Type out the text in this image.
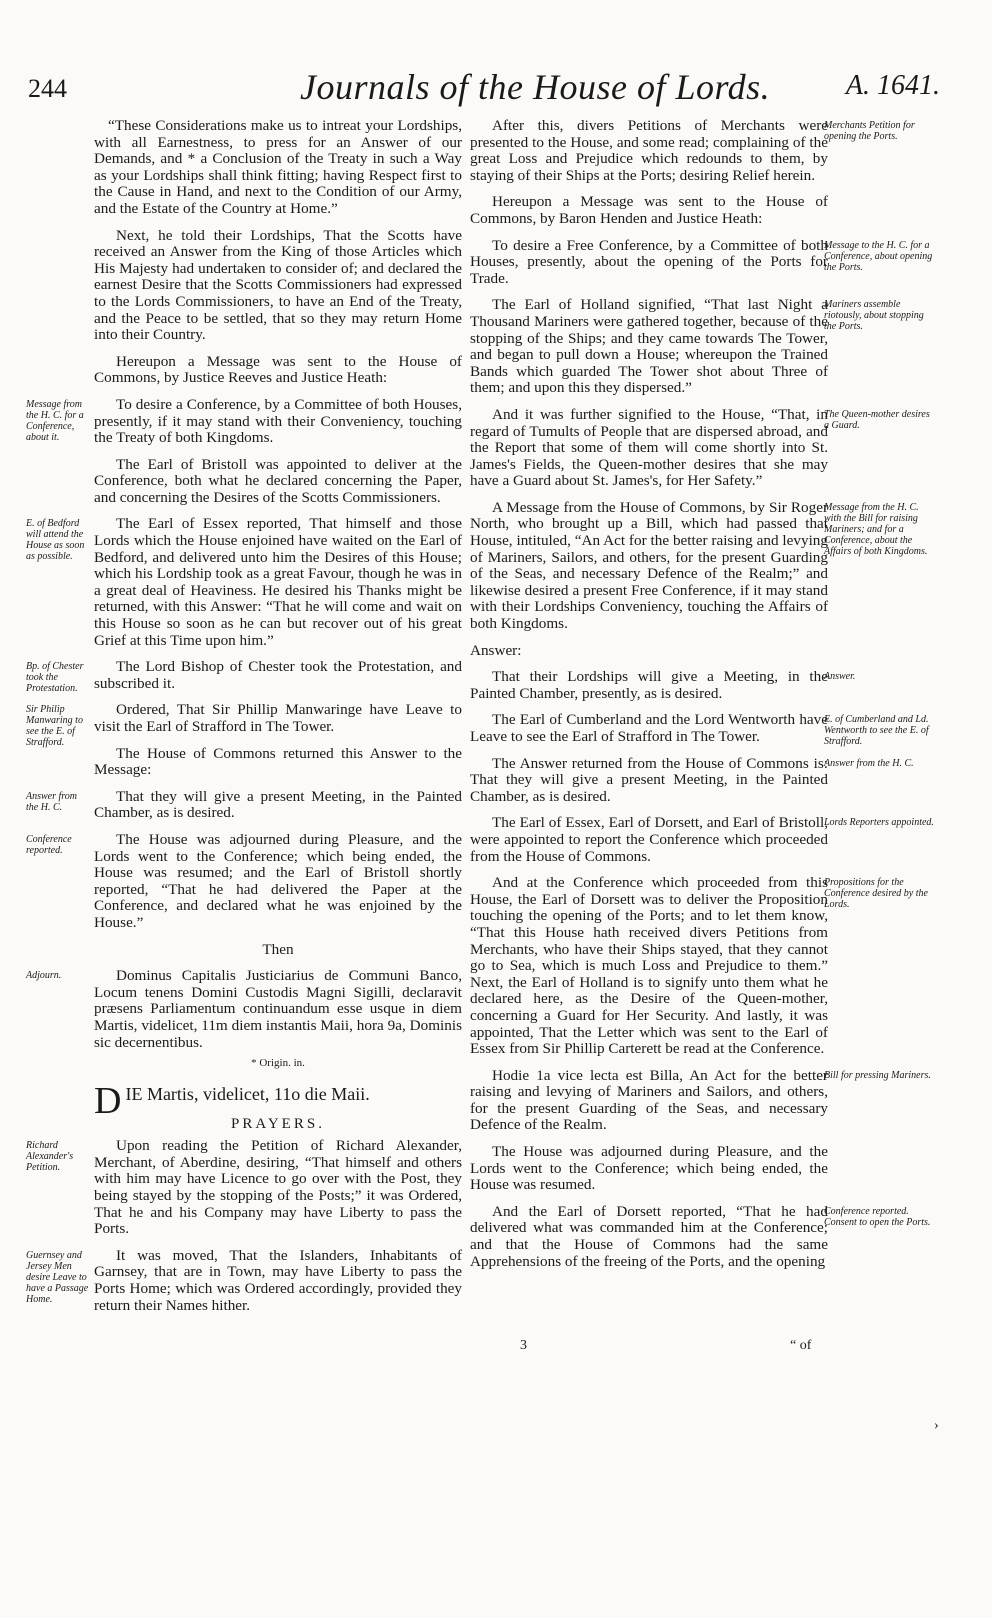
244	Journals of the House of Lords.	A. 1641.

“These Considerations make us to intreat your Lordships, with all Earnestness, to press for an Answer of our Demands, and * a Conclusion of the Treaty in such a Way as your Lordships shall think fitting; having Respect first to the Cause in Hand, and next to the Condition of our Army, and the Estate of the Country at Home.”

Next, he told their Lordships, That the Scotts have received an Answer from the King of those Articles which His Majesty had undertaken to consider of; and declared the earnest Desire that the Scotts Commissioners had expressed to the Lords Commissioners, to have an End of the Treaty, and the Peace to be settled, that so they may return Home into their Country.

Hereupon a Message was sent to the House of Commons, by Justice Reeves and Justice Heath:

To desire a Conference, by a Committee of both Houses, presently, if it may stand with their Conveniency, touching the Treaty of both Kingdoms.

Message from the H. C. for a Conference, about it.

The Earl of Bristoll was appointed to deliver at the Conference, both what he declared concerning the Paper, and concerning the Desires of the Scotts Commissioners.

The Earl of Essex reported, That himself and those Lords which the House enjoined have waited on the Earl of Bedford, and delivered unto him the Desires of this House; which his Lordship took as a great Favour, though he was in a great deal of Heaviness. He desired his Thanks might be returned, with this Answer: “That he will come and wait on this House so soon as he can but recover out of his great Grief at this Time upon him.”

E. of Bedford will attend the House as soon as possible.

The Lord Bishop of Chester took the Protestation, and subscribed it.

Bp. of Chester took the Protestation.

Ordered, That Sir Phillip Manwaringe have Leave to visit the Earl of Strafford in The Tower.

Sir Philip Manwaring to see the E. of Strafford.

The House of Commons returned this Answer to the Message:

That they will give a present Meeting, in the Painted Chamber, as is desired.

Answer from the H. C.

The House was adjourned during Pleasure, and the Lords went to the Conference; which being ended, the House was resumed; and the Earl of Bristoll shortly reported, “That he had delivered the Paper at the Conference, and declared what he was enjoined by the House.”

Conference reported.

Then

Dominus Capitalis Justiciarius de Communi Banco, Locum tenens Domini Custodis Magni Sigilli, declaravit præsens Parliamentum continuandum esse usque in diem Martis, videlicet, 11m diem instantis Maii, hora 9a, Dominis sic decernentibus.

Adjourn.
* Origin. in.
DIE Martis, videlicet, 11o die Maii.
PRAYERS.

Upon reading the Petition of Richard Alexander, Merchant, of Aberdine, desiring, “That himself and others with him may have Licence to go over with the Post, they being stayed by the stopping of the Posts;” it was Ordered, That he and his Company may have Liberty to pass the Ports.

Richard Alexander's Petition.

It was moved, That the Islanders, Inhabitants of Garnsey, that are in Town, may have Liberty to pass the Ports Home; which was Ordered accordingly, provided they return their Names hither.

Guernsey and Jersey Men desire Leave to have a Passage Home.

After this, divers Petitions of Merchants were presented to the House, and some read; complaining of the great Loss and Prejudice which redounds to them, by staying of their Ships at the Ports; desiring Relief herein.

Merchants Petition for opening the Ports.

Hereupon a Message was sent to the House of Commons, by Baron Henden and Justice Heath:

To desire a Free Conference, by a Committee of both Houses, presently, about the opening of the Ports for Trade.

Message to the H. C. for a Conference, about opening the Ports.

The Earl of Holland signified, “That last Night a Thousand Mariners were gathered together, because of the stopping of the Ships; and they came towards The Tower, and began to pull down a House; whereupon the Trained Bands which guarded The Tower shot about Three of them; and upon this they dispersed.”

Mariners assemble riotously, about stopping the Ports.

And it was further signified to the House, “That, in regard of Tumults of People that are dispersed abroad, and the Report that some of them will come shortly into St. James's Fields, the Queen-mother desires that she may have a Guard about St. James's, for Her Safety.”

The Queen-mother desires a Guard.

A Message from the House of Commons, by Sir Roger North, who brought up a Bill, which had passed that House, intituled, “An Act for the better raising and levying of Mariners, Sailors, and others, for the present Guarding of the Seas, and necessary Defence of the Realm;” and likewise desired a present Free Conference, if it may stand with their Lordships Conveniency, touching the Affairs of both Kingdoms.

Message from the H. C. with the Bill for raising Mariners; and for a Conference, about the Affairs of both Kingdoms.

Answer:

That their Lordships will give a Meeting, in the Painted Chamber, presently, as is desired.

Answer.

The Earl of Cumberland and the Lord Wentworth have Leave to see the Earl of Strafford in The Tower.

E. of Cumberland and Ld. Wentworth to see the E. of Strafford.

The Answer returned from the House of Commons is: That they will give a present Meeting, in the Painted Chamber, as is desired.

Answer from the H. C.

The Earl of Essex, Earl of Dorsett, and Earl of Bristoll, were appointed to report the Conference which proceeded from the House of Commons.

Lords Reporters appointed.

And at the Conference which proceeded from this House, the Earl of Dorsett was to deliver the Proposition touching the opening of the Ports; and to let them know, “That this House hath received divers Petitions from Merchants, who have their Ships stayed, that they cannot go to Sea, which is much Loss and Prejudice to them.” Next, the Earl of Holland is to signify unto them what he declared here, as the Desire of the Queen-mother, concerning a Guard for Her Security. And lastly, it was appointed, That the Letter which was sent to the Earl of Essex from Sir Phillip Carterett be read at the Conference.

Propositions for the Conference desired by the Lords.

Hodie 1a vice lecta est Billa, An Act for the better raising and levying of Mariners and Sailors, and others, for the present Guarding of the Seas, and necessary Defence of the Realm.

Bill for pressing Mariners.

The House was adjourned during Pleasure, and the Lords went to the Conference; which being ended, the House was resumed.

And the Earl of Dorsett reported, “That he had delivered what was commanded him at the Conference; and that the House of Commons had the same Apprehensions of the freeing of the Ports, and the opening

Conference reported. Consent to open the Ports.
3	“ of
›
